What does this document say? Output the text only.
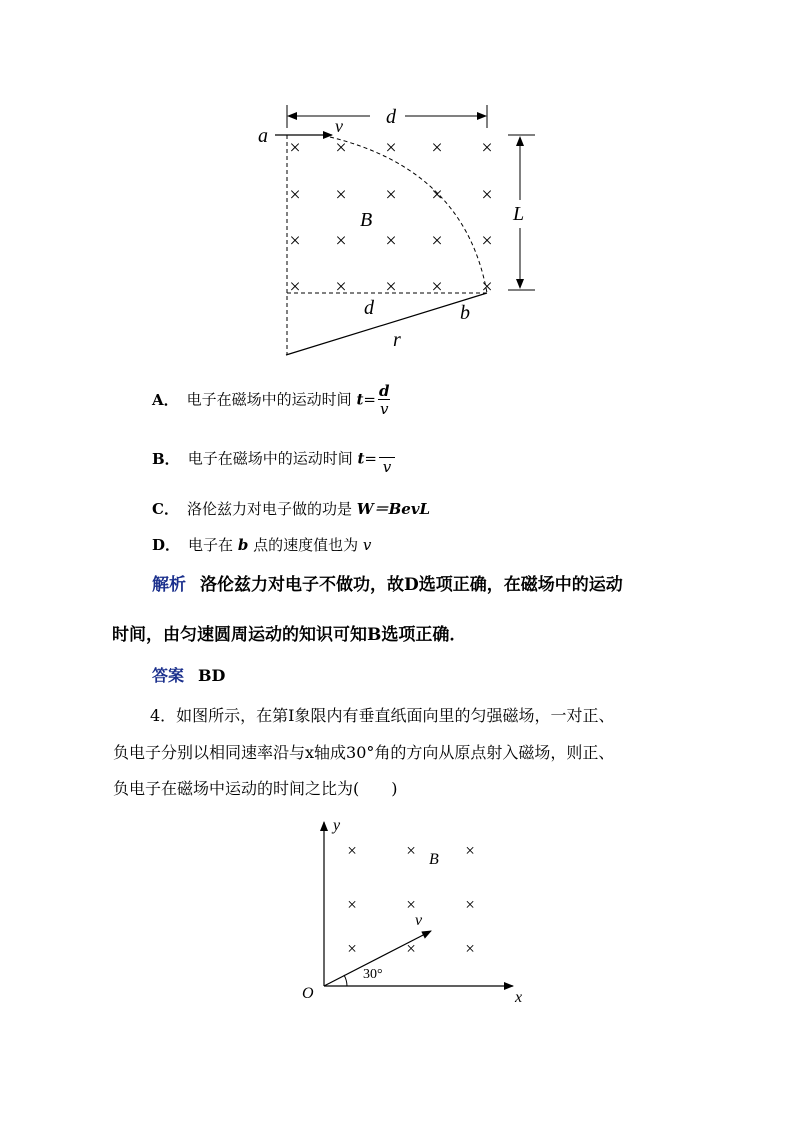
d
a	v
L
× × × × ×
× × × × ×
× × × × ×
× × × × ×
B
d	b
r
A． 电子在磁场中的运动时间 $t= \frac{d}{v}$
B． 电子在磁场中的运动时间 t= v
C． 洛伦兹力对电子做的功是 W＝BevL
D． 电子在 b 点的速度值也为 v
解析 洛伦兹力对电子不做功，故D选项正确，在磁场中的运动
时间，由匀速圆周运动的知识可知B选项正确．
答案 BD
4．如图所示，在第Ⅰ象限内有垂直纸面向里的匀强磁场，一对正、
负电子分别以相同速率沿与x轴成30°角的方向从原点射入磁场，则正、
负电子在磁场中运动的时间之比为(　　)
y
x
O
×	×	×
×	×	×
×	×	×
B
v
30°
